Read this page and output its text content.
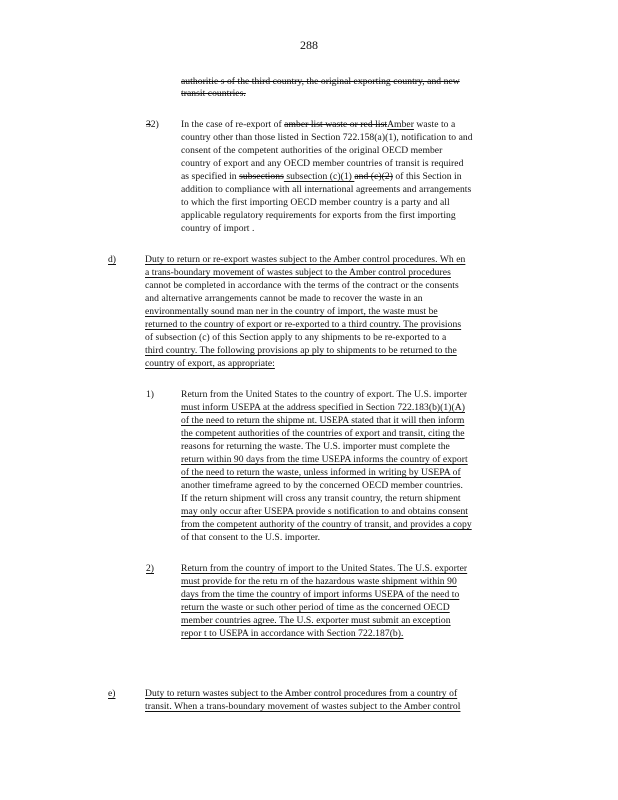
288
authoritie s of the third country, the original exporting country, and new
transit countries.
32) In the case of re-export of amber list waste or red listAmber waste to a
country other than those listed in Section 722.158(a)(1), notification to and
consent of the competent authorities of the original OECD member
country of export and any OECD member countries of transit is required
as specified in subsections subsection (c)(1) and (c)(2) of this Section in
addition to compliance with all international agreements and arrangements
to which the first importing OECD member country is a party and all
applicable regulatory requirements for exports from the first importing
country of import .
d)	Duty to return or re-export wastes subject to the Amber control procedures. Wh en
a trans-boundary movement of wastes subject to the Amber control procedures
cannot be completed in accordance with the terms of the contract or the consents
and alternative arrangements cannot be made to recover the waste in an
environmentally sound man ner in the country of import, the waste must be
returned to the country of export or re-exported to a third country. The provisions
of subsection (c) of this Section apply to any shipments to be re-exported to a
third country. The following provisions ap ply to shipments to be returned to the
country of export, as appropriate:
1)	Return from the United States to the country of export. The U.S. importer
must inform USEPA at the address specified in Section 722.183(b)(1)(A)
of the need to return the shipme nt. USEPA stated that it will then inform
the competent authorities of the countries of export and transit, citing the
reasons for returning the waste. The U.S. importer must complete the
return within 90 days from the time USEPA informs the country of export
of the need to return the waste, unless informed in writing by USEPA of
another timeframe agreed to by the concerned OECD member countries.
If the return shipment will cross any transit country, the return shipment
may only occur after USEPA provide s notification to and obtains consent
from the competent authority of the country of transit, and provides a copy
of that consent to the U.S. importer.
2)	Return from the country of import to the United States. The U.S. exporter
must provide for the retu rn of the hazardous waste shipment within 90
days from the time the country of import informs USEPA of the need to
return the waste or such other period of time as the concerned OECD
member countries agree. The U.S. exporter must submit an exception
repor t to USEPA in accordance with Section 722.187(b).
e)	Duty to return wastes subject to the Amber control procedures from a country of
transit. When a trans-boundary movement of wastes subject to the Amber control
